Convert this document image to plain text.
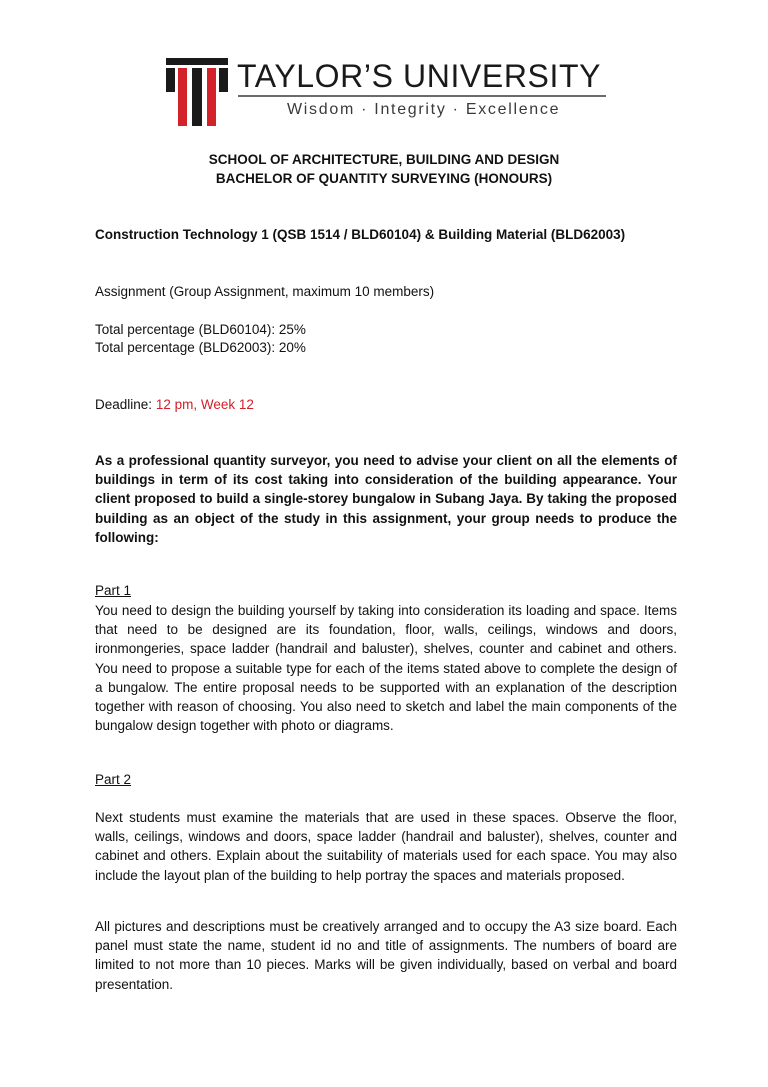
TAYLOR’S UNIVERSITY
Wisdom · Integrity · Excellence
SCHOOL OF ARCHITECTURE, BUILDING AND DESIGN
BACHELOR OF QUANTITY SURVEYING (HONOURS)
Construction Technology 1 (QSB 1514 / BLD60104) & Building Material (BLD62003)
Assignment (Group Assignment, maximum 10 members)
Total percentage (BLD60104): 25%
Total percentage (BLD62003): 20%
Deadline: 12 pm, Week 12
As a professional quantity surveyor, you need to advise your client on all the elements of buildings in term of its cost taking into consideration of the building appearance. Your client proposed to build a single-storey bungalow in Subang Jaya. By taking the proposed building as an object of the study in this assignment, your group needs to produce the following:
Part 1
You need to design the building yourself by taking into consideration its loading and space. Items that need to be designed are its foundation, floor, walls, ceilings, windows and doors, ironmongeries, space ladder (handrail and baluster), shelves, counter and cabinet and others. You need to propose a suitable type for each of the items stated above to complete the design of a bungalow. The entire proposal needs to be supported with an explanation of the description together with reason of choosing. You also need to sketch and label the main components of the bungalow design together with photo or diagrams.
Part 2
Next students must examine the materials that are used in these spaces. Observe the floor, walls, ceilings, windows and doors, space ladder (handrail and baluster), shelves, counter and cabinet and others. Explain about the suitability of materials used for each space. You may also include the layout plan of the building to help portray the spaces and materials proposed.
All pictures and descriptions must be creatively arranged and to occupy the A3 size board. Each panel must state the name, student id no and title of assignments. The numbers of board are limited to not more than 10 pieces. Marks will be given individually, based on verbal and board presentation.
